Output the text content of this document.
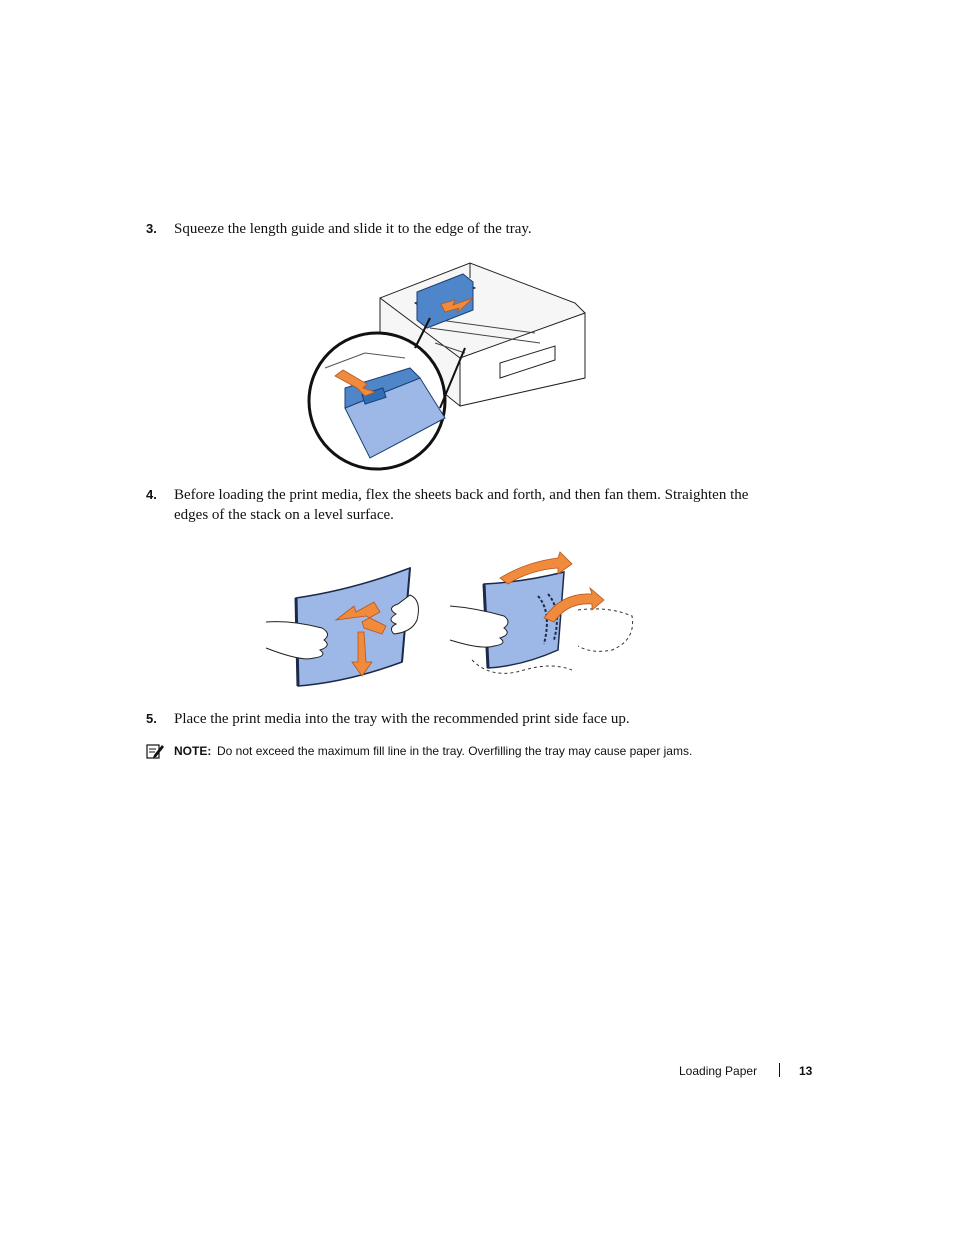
3. Squeeze the length guide and slide it to the edge of the tray.
4. Before loading the print media, flex the sheets back and forth, and then fan them. Straighten the edges of the stack on a level surface.
5. Place the print media into the tray with the recommended print side face up.
NOTE: Do not exceed the maximum fill line in the tray. Overfilling the tray may cause paper jams.
Loading Paper	13
